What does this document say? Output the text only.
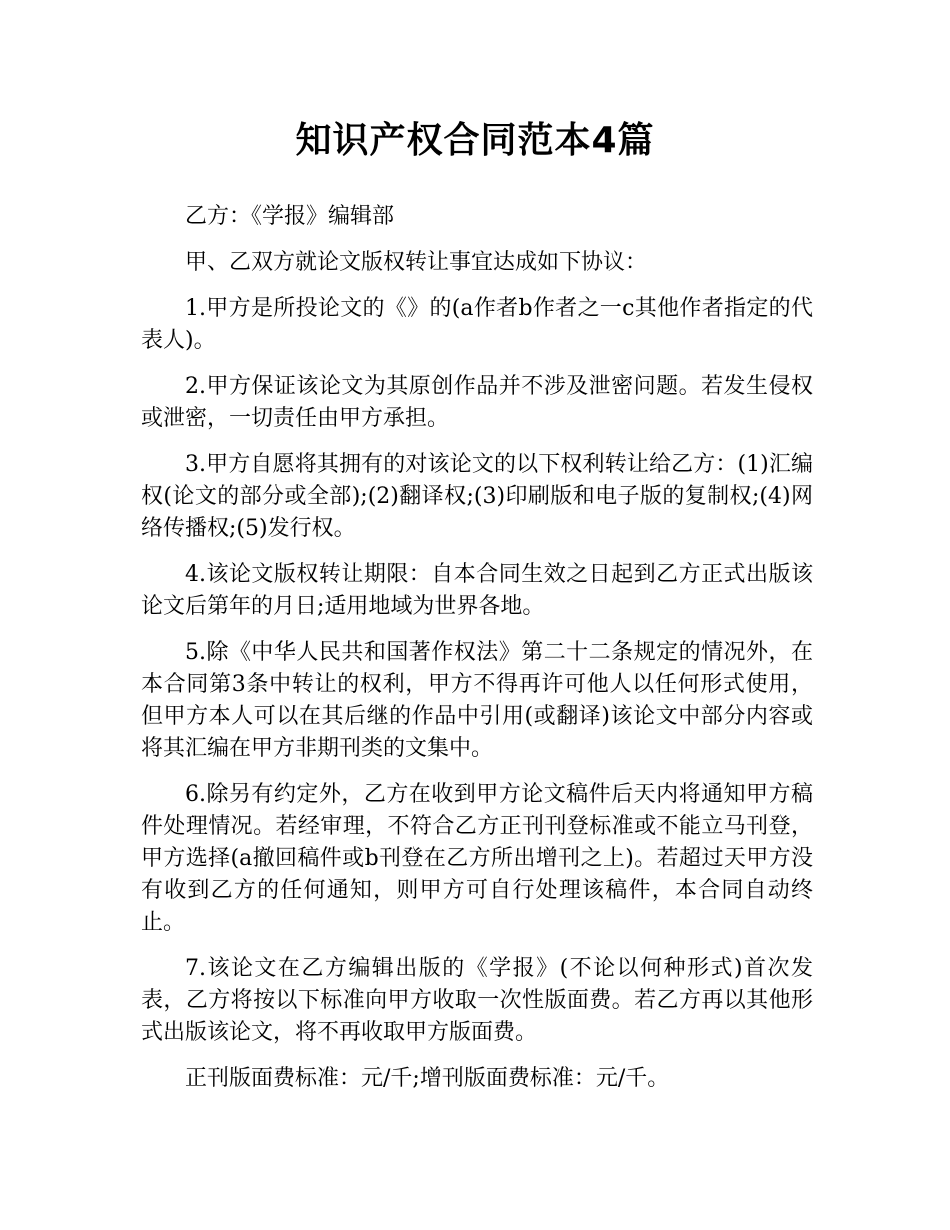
知识产权合同范本4篇

乙方：《学报》编辑部

甲、乙双方就论文版权转让事宜达成如下协议：

1.甲方是所投论文的《》的(a作者b作者之一c其他作者指定的代表人)。

2.甲方保证该论文为其原创作品并不涉及泄密问题。若发生侵权或泄密，一切责任由甲方承担。

3.甲方自愿将其拥有的对该论文的以下权利转让给乙方：(1)汇编权(论文的部分或全部);(2)翻译权;(3)印刷版和电子版的复制权;(4)网络传播权;(5)发行权。

4.该论文版权转让期限：自本合同生效之日起到乙方正式出版该论文后第年的月日;适用地域为世界各地。

5.除《中华人民共和国著作权法》第二十二条规定的情况外，在本合同第3条中转让的权利，甲方不得再许可他人以任何形式使用，但甲方本人可以在其后继的作品中引用(或翻译)该论文中部分内容或将其汇编在甲方非期刊类的文集中。

6.除另有约定外，乙方在收到甲方论文稿件后天内将通知甲方稿件处理情况。若经审理，不符合乙方正刊刊登标准或不能立马刊登，甲方选择(a撤回稿件或b刊登在乙方所出增刊之上)。若超过天甲方没有收到乙方的任何通知，则甲方可自行处理该稿件，本合同自动终止。

7.该论文在乙方编辑出版的《学报》(不论以何种形式)首次发表，乙方将按以下标准向甲方收取一次性版面费。若乙方再以其他形式出版该论文，将不再收取甲方版面费。

正刊版面费标准：元/千;增刊版面费标准：元/千。
